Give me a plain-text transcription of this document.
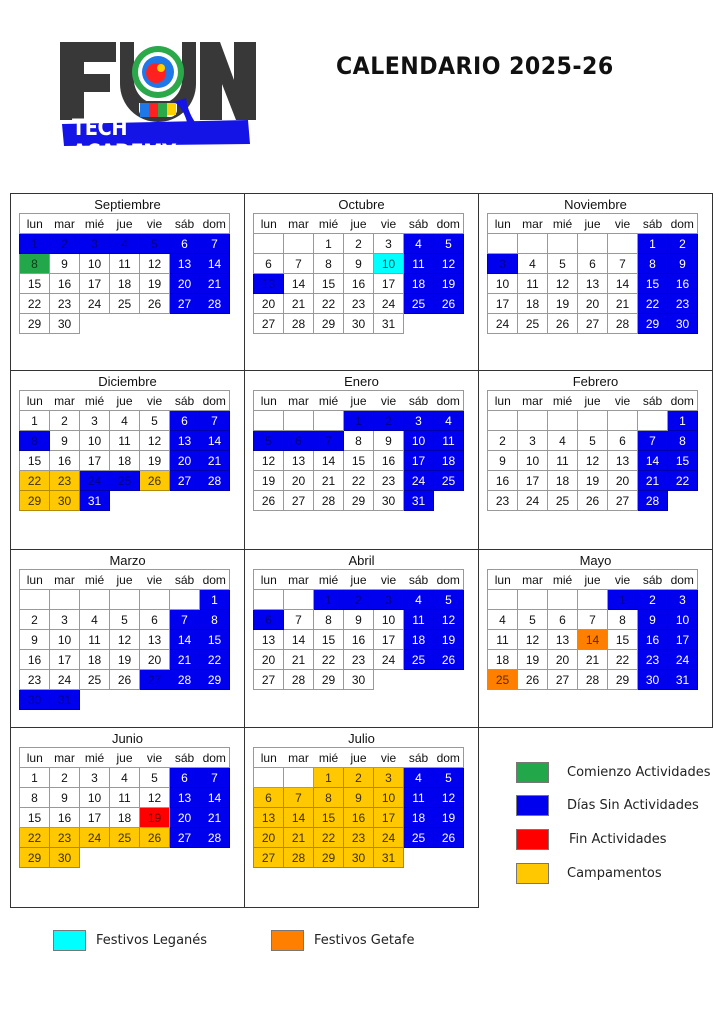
TECH ACADEMY
CALENDARIO 2025-26
Septiembre
lun	mar	mié	jue	vie	sáb	dom
1	2	3	4	5	6	7
8	9	10	11	12	13	14
15	16	17	18	19	20	21
22	23	24	25	26	27	28
29	30					
Octubre
lun	mar	mié	jue	vie	sáb	dom
		1	2	3	4	5
6	7	8	9	10	11	12
13	14	15	16	17	18	19
20	21	22	23	24	25	26
27	28	29	30	31		
Noviembre
lun	mar	mié	jue	vie	sáb	dom
					1	2
3	4	5	6	7	8	9
10	11	12	13	14	15	16
17	18	19	20	21	22	23
24	25	26	27	28	29	30
Diciembre
lun	mar	mié	jue	vie	sáb	dom
1	2	3	4	5	6	7
8	9	10	11	12	13	14
15	16	17	18	19	20	21
22	23	24	25	26	27	28
29	30	31				
Enero
lun	mar	mié	jue	vie	sáb	dom
			1	2	3	4
5	6	7	8	9	10	11
12	13	14	15	16	17	18
19	20	21	22	23	24	25
26	27	28	29	30	31	
Febrero
lun	mar	mié	jue	vie	sáb	dom
						1
2	3	4	5	6	7	8
9	10	11	12	13	14	15
16	17	18	19	20	21	22
23	24	25	26	27	28	
Marzo
lun	mar	mié	jue	vie	sáb	dom
						1
2	3	4	5	6	7	8
9	10	11	12	13	14	15
16	17	18	19	20	21	22
23	24	25	26	27	28	29
30	31					
Abril
lun	mar	mié	jue	vie	sáb	dom
		1	2	3	4	5
6	7	8	9	10	11	12
13	14	15	16	17	18	19
20	21	22	23	24	25	26
27	28	29	30			
Mayo
lun	mar	mié	jue	vie	sáb	dom
				1	2	3
4	5	6	7	8	9	10
11	12	13	14	15	16	17
18	19	20	21	22	23	24
25	26	27	28	29	30	31
Junio
lun	mar	mié	jue	vie	sáb	dom
1	2	3	4	5	6	7
8	9	10	11	12	13	14
15	16	17	18	19	20	21
22	23	24	25	26	27	28
29	30					
Julio
lun	mar	mié	jue	vie	sáb	dom
		1	2	3	4	5
6	7	8	9	10	11	12
13	14	15	16	17	18	19
20	21	22	23	24	25	26
27	28	29	30	31		
Comienzo Actividades
Días Sin Actividades
Fin Actividades
Campamentos
Festivos Leganés	Festivos Getafe
